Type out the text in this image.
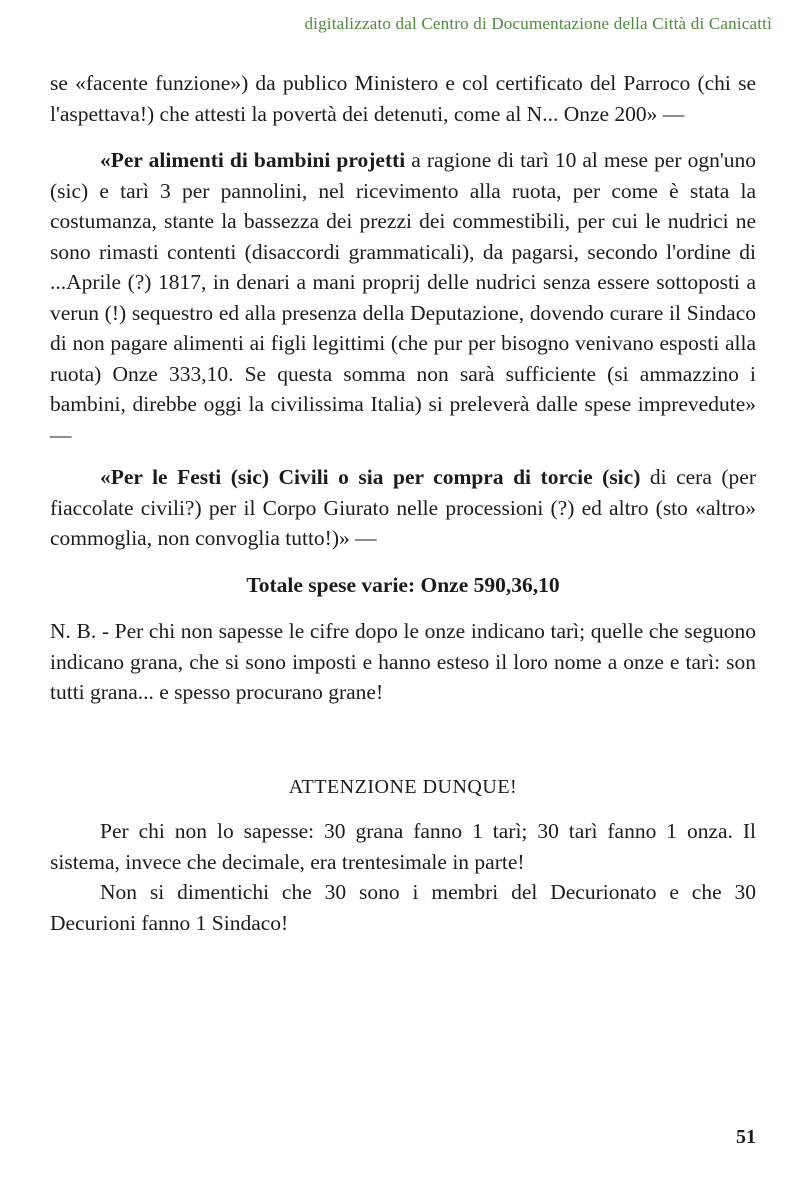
digitalizzato dal Centro di Documentazione della Città di Canicattì

se «facente funzione») da publico Ministero e col certificato del Parroco (chi se l'aspettava!) che attesti la povertà dei detenuti, come al N... Onze 200» —

«Per alimenti di bambini projetti a ragione di tarì 10 al mese per ogn'uno (sic) e tarì 3 per pannolini, nel ricevimento alla ruota, per come è stata la costumanza, stante la bassezza dei prezzi dei commestibili, per cui le nudrici ne sono rimasti contenti (disaccordi grammaticali), da pagarsi, secondo l'ordine di ...Aprile (?) 1817, in denari a mani proprij delle nudrici senza essere sottoposti a verun (!) sequestro ed alla presenza della Deputazione, dovendo curare il Sindaco di non pagare alimenti ai figli legittimi (che pur per bisogno venivano esposti alla ruota) Onze 333,10. Se questa somma non sarà sufficiente (si ammazzino i bambini, direbbe oggi la civilissima Italia) si preleverà dalle spese imprevedute» —

«Per le Festi (sic) Civili o sia per compra di torcie (sic) di cera (per fiaccolate civili?) per il Corpo Giurato nelle processioni (?) ed altro (sto «altro» commoglia, non convoglia tutto!)» —

Totale spese varie: Onze 590,36,10

N. B. - Per chi non sapesse le cifre dopo le onze indicano tarì; quelle che seguono indicano grana, che si sono imposti e hanno esteso il loro nome a onze e tarì: son tutti grana... e spesso procurano grane!

ATTENZIONE DUNQUE!

Per chi non lo sapesse: 30 grana fanno 1 tarì; 30 tarì fanno 1 onza. Il sistema, invece che decimale, era trentesimale in parte!

Non si dimentichi che 30 sono i membri del Decurionato e che 30 Decurioni fanno 1 Sindaco!

51
